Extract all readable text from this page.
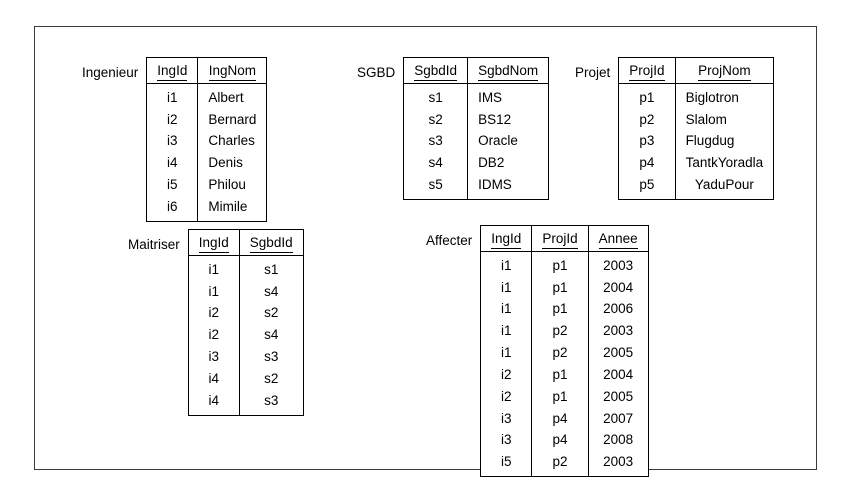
Ingenieur	IngId	IngNom
i1	Albert
i2	Bernard
i3	Charles
i4	Denis
i5	Philou
i6	Mimile
SGBD	SgbdId	SgbdNom
s1	IMS
s2	BS12
s3	Oracle
s4	DB2
s5	IDMS
Projet	ProjId	ProjNom
p1	Biglotron
p2	Slalom
p3	Flugdug
p4	TantkYoradla
p5	YaduPour
Maitriser	IngId	SgbdId
i1	s1
i1	s4
i2	s2
i2	s4
i3	s3
i4	s2
i4	s3
Affecter	IngId	ProjId	Annee
i1	p1	2003
i1	p1	2004
i1	p1	2006
i1	p2	2003
i1	p2	2005
i2	p1	2004
i2	p1	2005
i3	p4	2007
i3	p4	2008
i5	p2	2003
